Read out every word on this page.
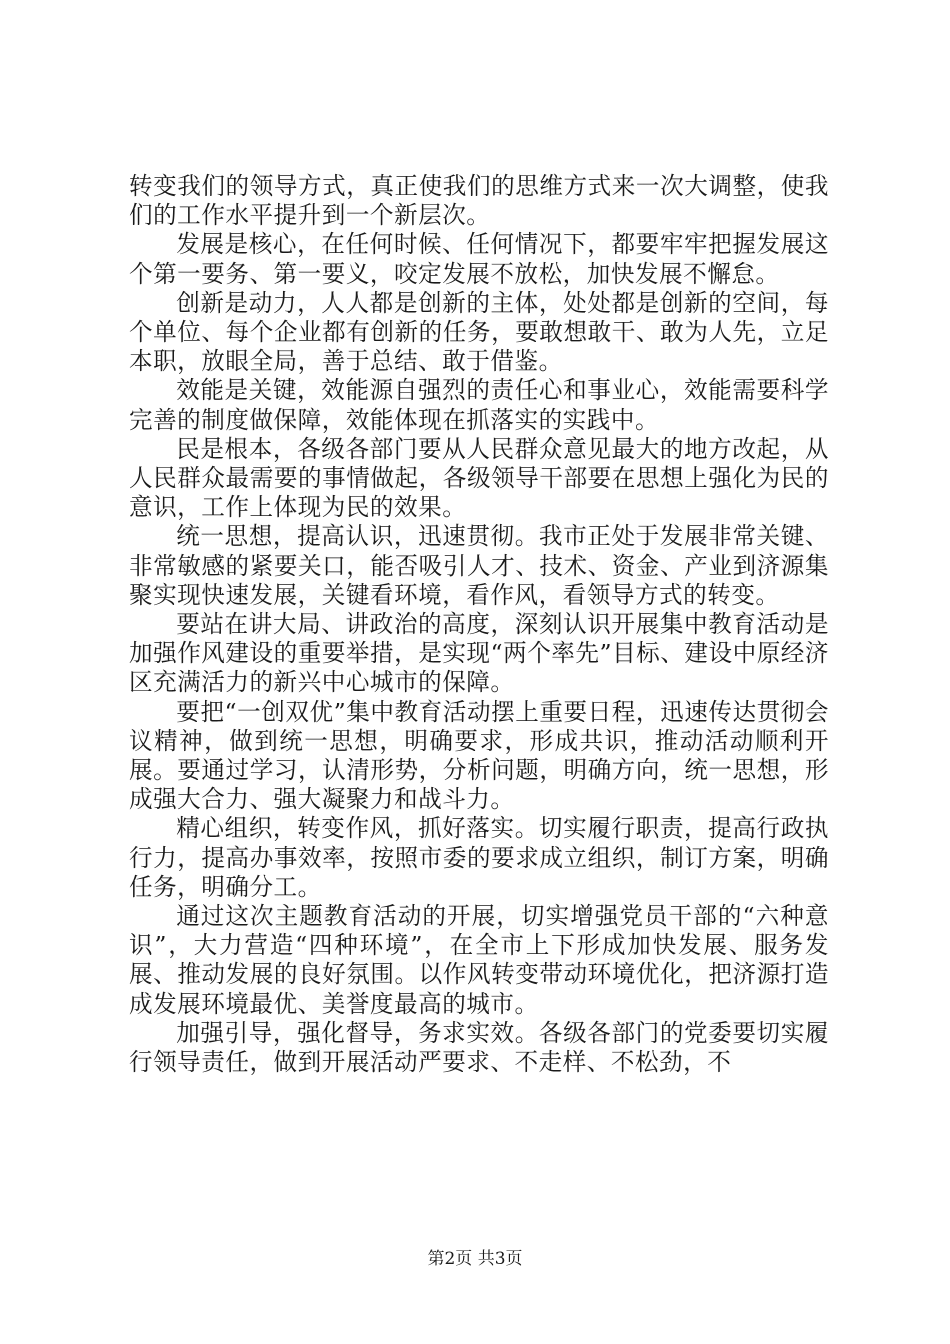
转变我们的领导方式，真正使我们的思维方式来一次大调整，使我们的工作水平提升到一个新层次。

发展是核心，在任何时候、任何情况下，都要牢牢把握发展这个第一要务、第一要义，咬定发展不放松，加快发展不懈怠。

创新是动力，人人都是创新的主体，处处都是创新的空间，每个单位、每个企业都有创新的任务，要敢想敢干、敢为人先，立足本职，放眼全局，善于总结、敢于借鉴。

效能是关键，效能源自强烈的责任心和事业心，效能需要科学完善的制度做保障，效能体现在抓落实的实践中。

民是根本，各级各部门要从人民群众意见最大的地方改起，从人民群众最需要的事情做起，各级领导干部要在思想上强化为民的意识，工作上体现为民的效果。

统一思想，提高认识，迅速贯彻。我市正处于发展非常关键、非常敏感的紧要关口，能否吸引人才、技术、资金、产业到济源集聚实现快速发展，关键看环境，看作风，看领导方式的转变。

要站在讲大局、讲政治的高度，深刻认识开展集中教育活动是加强作风建设的重要举措，是实现“两个率先”目标、建设中原经济区充满活力的新兴中心城市的保障。

要把“一创双优”集中教育活动摆上重要日程，迅速传达贯彻会议精神，做到统一思想，明确要求，形成共识，推动活动顺利开展。要通过学习，认清形势，分析问题，明确方向，统一思想，形成强大合力、强大凝聚力和战斗力。

精心组织，转变作风，抓好落实。切实履行职责，提高行政执行力，提高办事效率，按照市委的要求成立组织，制订方案，明确任务，明确分工。

通过这次主题教育活动的开展，切实增强党员干部的“六种意识”，大力营造“四种环境”，在全市上下形成加快发展、服务发展、推动发展的良好氛围。以作风转变带动环境优化，把济源打造成发展环境最优、美誉度最高的城市。

加强引导，强化督导，务求实效。各级各部门的党委要切实履行领导责任，做到开展活动严要求、不走样、不松劲，不

第2页 共3页
